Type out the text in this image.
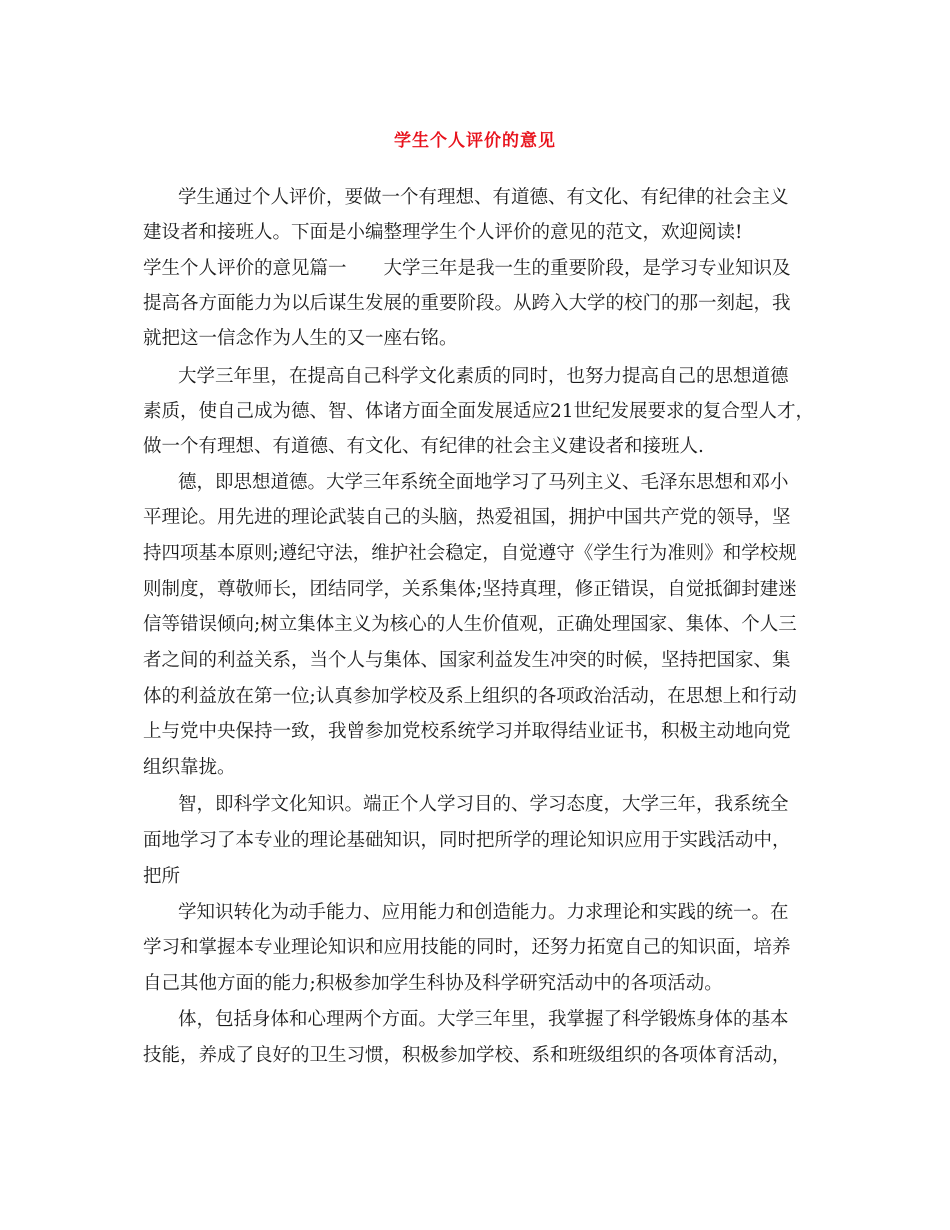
学生个人评价的意见
学生通过个人评价，要做一个有理想、有道德、有文化、有纪律的社会主义
建设者和接班人。下面是小编整理学生个人评价的意见的范文，欢迎阅读!
学生个人评价的意见篇一　　大学三年是我一生的重要阶段，是学习专业知识及
提高各方面能力为以后谋生发展的重要阶段。从跨入大学的校门的那一刻起，我
就把这一信念作为人生的又一座右铭。
大学三年里，在提高自己科学文化素质的同时，也努力提高自己的思想道德
素质，使自己成为德、智、体诸方面全面发展适应21世纪发展要求的复合型人才，
做一个有理想、有道德、有文化、有纪律的社会主义建设者和接班人.
德，即思想道德。大学三年系统全面地学习了马列主义、毛泽东思想和邓小
平理论。用先进的理论武装自己的头脑，热爱祖国，拥护中国共产党的领导，坚
持四项基本原则;遵纪守法，维护社会稳定，自觉遵守《学生行为准则》和学校规
则制度，尊敬师长，团结同学，关系集体;坚持真理，修正错误，自觉抵御封建迷
信等错误倾向;树立集体主义为核心的人生价值观，正确处理国家、集体、个人三
者之间的利益关系，当个人与集体、国家利益发生冲突的时候，坚持把国家、集
体的利益放在第一位;认真参加学校及系上组织的各项政治活动，在思想上和行动
上与党中央保持一致，我曾参加党校系统学习并取得结业证书，积极主动地向党
组织靠拢。
智，即科学文化知识。端正个人学习目的、学习态度，大学三年，我系统全
面地学习了本专业的理论基础知识，同时把所学的理论知识应用于实践活动中，
把所
学知识转化为动手能力、应用能力和创造能力。力求理论和实践的统一。在
学习和掌握本专业理论知识和应用技能的同时，还努力拓宽自己的知识面，培养
自己其他方面的能力;积极参加学生科协及科学研究活动中的各项活动。
体，包括身体和心理两个方面。大学三年里，我掌握了科学锻炼身体的基本
技能，养成了良好的卫生习惯，积极参加学校、系和班级组织的各项体育活动，
